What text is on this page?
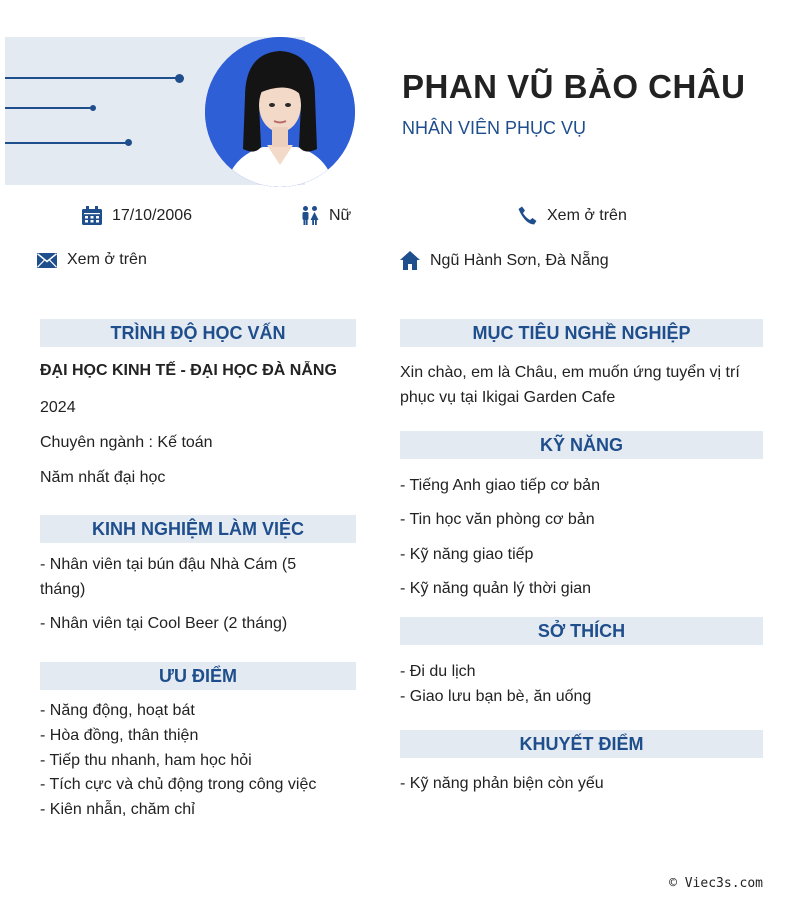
PHAN VŨ BẢO CHÂU
NHÂN VIÊN PHỤC VỤ
17/10/2006	Nữ	Xem ở trên
Xem ở trên	Ngũ Hành Sơn, Đà Nẵng
TRÌNH ĐỘ HỌC VẤN
ĐẠI HỌC KINH TẾ - ĐẠI HỌC ĐÀ NẴNG
2024
Chuyên ngành : Kế toán
Năm nhất đại học
KINH NGHIỆM LÀM VIỆC
- Nhân viên tại bún đậu Nhà Cám (5 tháng)
- Nhân viên tại Cool Beer (2 tháng)
ƯU ĐIỂM
- Năng động, hoạt bát
- Hòa đồng, thân thiện
- Tiếp thu nhanh, ham học hỏi
- Tích cực và chủ động trong công việc
- Kiên nhẫn, chăm chỉ
MỤC TIÊU NGHỀ NGHIỆP
Xin chào, em là Châu, em muốn ứng tuyển vị trí phục vụ tại Ikigai Garden Cafe
KỸ NĂNG
- Tiếng Anh giao tiếp cơ bản
- Tin học văn phòng cơ bản
- Kỹ năng giao tiếp
- Kỹ năng quản lý thời gian
SỞ THÍCH
- Đi du lịch
- Giao lưu bạn bè, ăn uống
KHUYẾT ĐIỂM
- Kỹ năng phản biện còn yếu
© Viec3s.com
